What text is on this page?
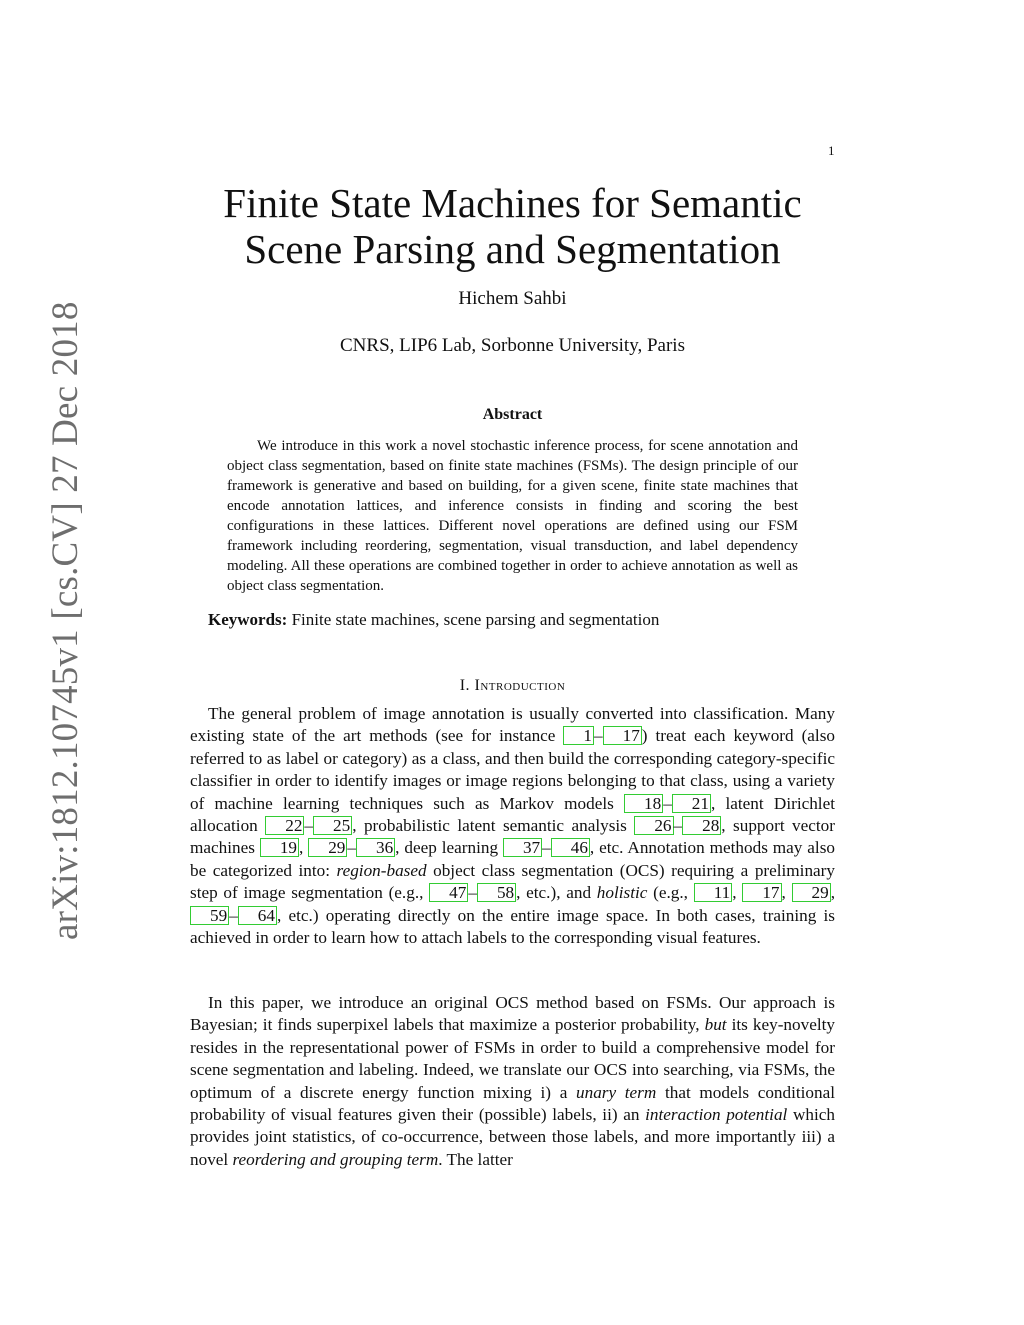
1
arXiv:1812.10745v1 [cs.CV] 27 Dec 2018
Finite State Machines for Semantic Scene Parsing and Segmentation
Hichem Sahbi
CNRS, LIP6 Lab, Sorbonne University, Paris
Abstract

We introduce in this work a novel stochastic inference process, for scene annotation and object class segmentation, based on finite state machines (FSMs). The design principle of our framework is generative and based on building, for a given scene, finite state machines that encode annotation lattices, and inference consists in finding and scoring the best configurations in these lattices. Different novel operations are defined using our FSM framework including reordering, segmentation, visual transduction, and label dependency modeling. All these operations are combined together in order to achieve annotation as well as object class segmentation.

Keywords: Finite state machines, scene parsing and segmentation
I. Introduction

The general problem of image annotation is usually converted into classification. Many existing state of the art methods (see for instance 1 – 17 ) treat each keyword (also referred to as label or category) as a class, and then build the corresponding category-specific classifier in order to identify images or image regions belonging to that class, using a variety of machine learning techniques such as Markov models 18 – 21 , latent Dirichlet allocation 22 – 25 , probabilistic latent semantic analysis 26 – 28 , support vector machines 19 , 29 – 36 , deep learning 37 – 46 , etc. Annotation methods may also be categorized into: region-based object class segmentation (OCS) requiring a preliminary step of image segmentation (e.g., 47 – 58 , etc.), and holistic (e.g., 11 , 17 , 29 , 59 – 64 , etc.) operating directly on the entire image space. In both cases, training is achieved in order to learn how to attach labels to the corresponding visual features.

In this paper, we introduce an original OCS method based on FSMs. Our approach is Bayesian; it finds superpixel labels that maximize a posterior probability, but its key-novelty resides in the representational power of FSMs in order to build a comprehensive model for scene segmentation and labeling. Indeed, we translate our OCS into searching, via FSMs, the optimum of a discrete energy function mixing i) a unary term that models conditional probability of visual features given their (possible) labels, ii) an interaction potential which provides joint statistics, of co-occurrence, between those labels, and more importantly iii) a novel reordering and grouping term. The latter
